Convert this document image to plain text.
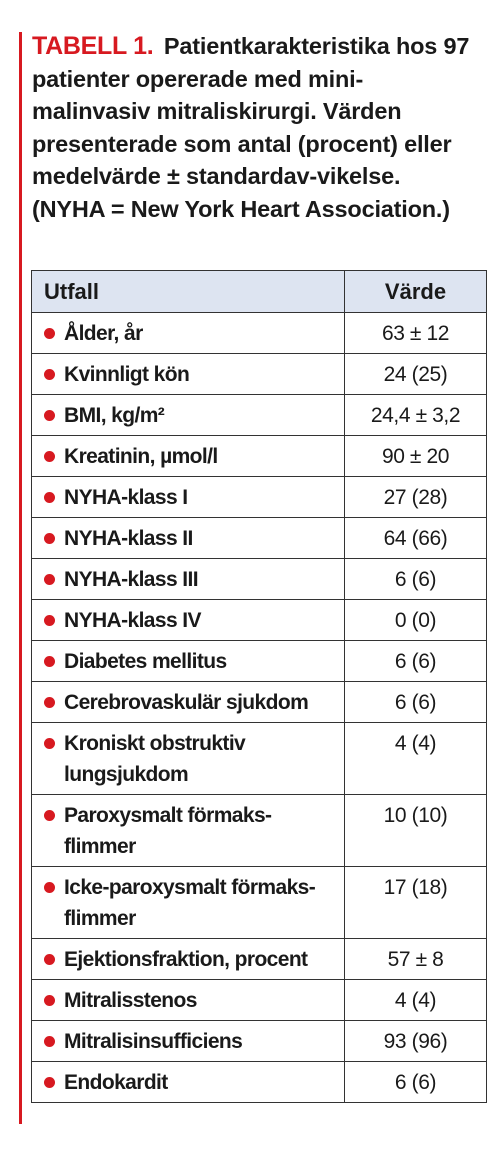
TABELL 1. Patientkarakteristika hos 97 patienter opererade med mini-malinvasiv mitraliskirurgi. Värden presenterade som antal (procent) eller medelvärde ± standardav-vikelse. (NYHA = New York Heart Association.)

Utfall	Värde

Ålder, år	63 ± 12

Kvinnligt kön	24 (25)

BMI, kg/m²	24,4 ± 3,2

Kreatinin, µmol/l	90 ± 20

NYHA-klass I	27 (28)

NYHA-klass II	64 (66)

NYHA-klass III	6 (6)

NYHA-klass IV	0 (0)

Diabetes mellitus	6 (6)

Cerebrovaskulär sjukdom	6 (6)

Kroniskt obstruktiv lungsjukdom	4 (4)

Paroxysmalt förmaks-flimmer	10 (10)

Icke-paroxysmalt förmaks-flimmer	17 (18)

Ejektionsfraktion, procent	57 ± 8

Mitralisstenos	4 (4)

Mitralisinsufficiens	93 (96)

Endokardit	6 (6)
